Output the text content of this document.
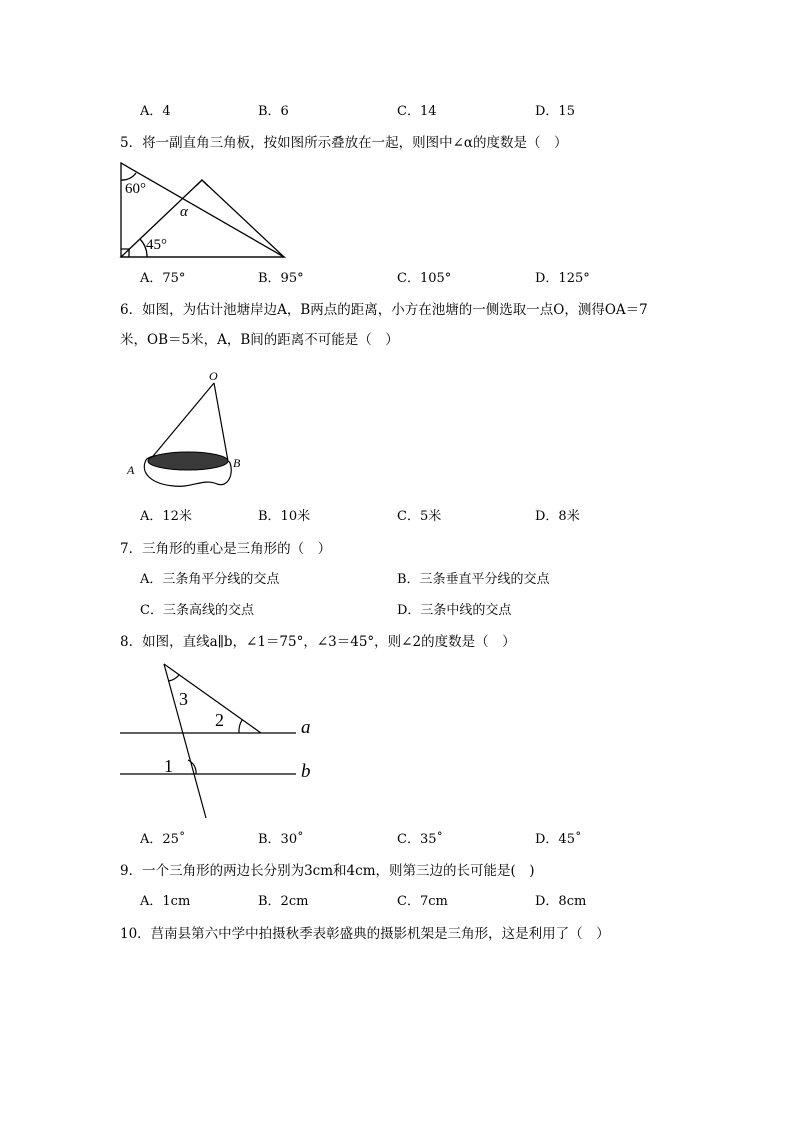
A．4	B．6	C．14	D．15
5．将一副直角三角板，按如图所示叠放在一起，则图中∠α的度数是（　）
60°
45°
α
A．75°	B．95°	C．105°	D．125°
6．如图，为估计池塘岸边A，B两点的距离，小方在池塘的一侧选取一点O，测得OA＝7
米，OB＝5米，A，B间的距离不可能是（　）
O
A	B
A．12米	B．10米	C．5米	D．8米
7．三角形的重心是三角形的（　）
A．三条角平分线的交点	B．三条垂直平分线的交点
C．三条高线的交点	D．三条中线的交点
8．如图，直线a∥b，∠1＝75°，∠3＝45°，则∠2的度数是（　）
3
2
1
a
b
A．25˚	B．30˚	C．35˚	D．45˚
9．一个三角形的两边长分别为3cm和4cm，则第三边的长可能是(　)
A．1cm	B．2cm	C．7cm	D．8cm
10．莒南县第六中学中拍摄秋季表彰盛典的摄影机架是三角形，这是利用了（　）
